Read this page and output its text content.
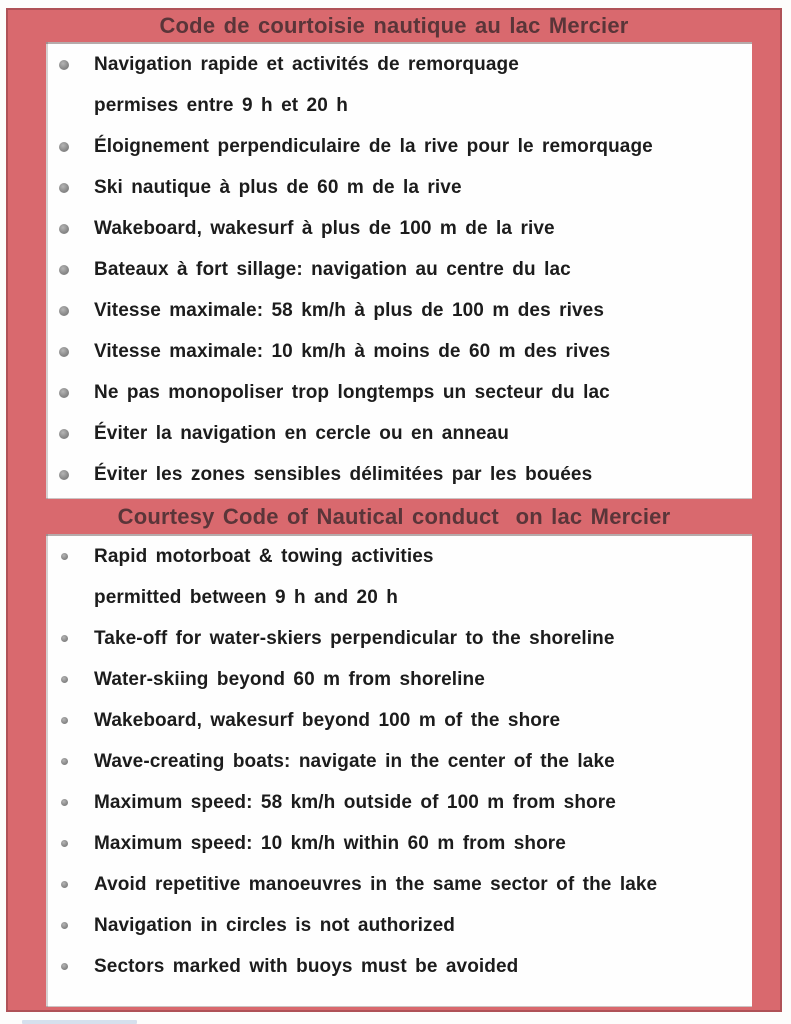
Code de courtoisie nautique au lac Mercier
Navigation rapide et activités de remorquage
permises entre 9 h et 20 h
Éloignement perpendiculaire de la rive pour le remorquage
Ski nautique à plus de 60 m de la rive
Wakeboard, wakesurf à plus de 100 m de la rive
Bateaux à fort sillage: navigation au centre du lac
Vitesse maximale: 58 km/h à plus de 100 m des rives
Vitesse maximale: 10 km/h à moins de 60 m des rives
Ne pas monopoliser trop longtemps un secteur du lac
Éviter la navigation en cercle ou en anneau
Éviter les zones sensibles délimitées par les bouées
Courtesy Code of Nautical conduct  on lac Mercier
Rapid motorboat & towing activities
permitted between 9 h and 20 h
Take-off for water-skiers perpendicular to the shoreline
Water-skiing beyond 60 m from shoreline
Wakeboard, wakesurf beyond 100 m of the shore
Wave-creating boats: navigate in the center of the lake
Maximum speed: 58 km/h outside of 100 m from shore
Maximum speed: 10 km/h within 60 m from shore
Avoid repetitive manoeuvres in the same sector of the lake
Navigation in circles is not authorized
Sectors marked with buoys must be avoided
